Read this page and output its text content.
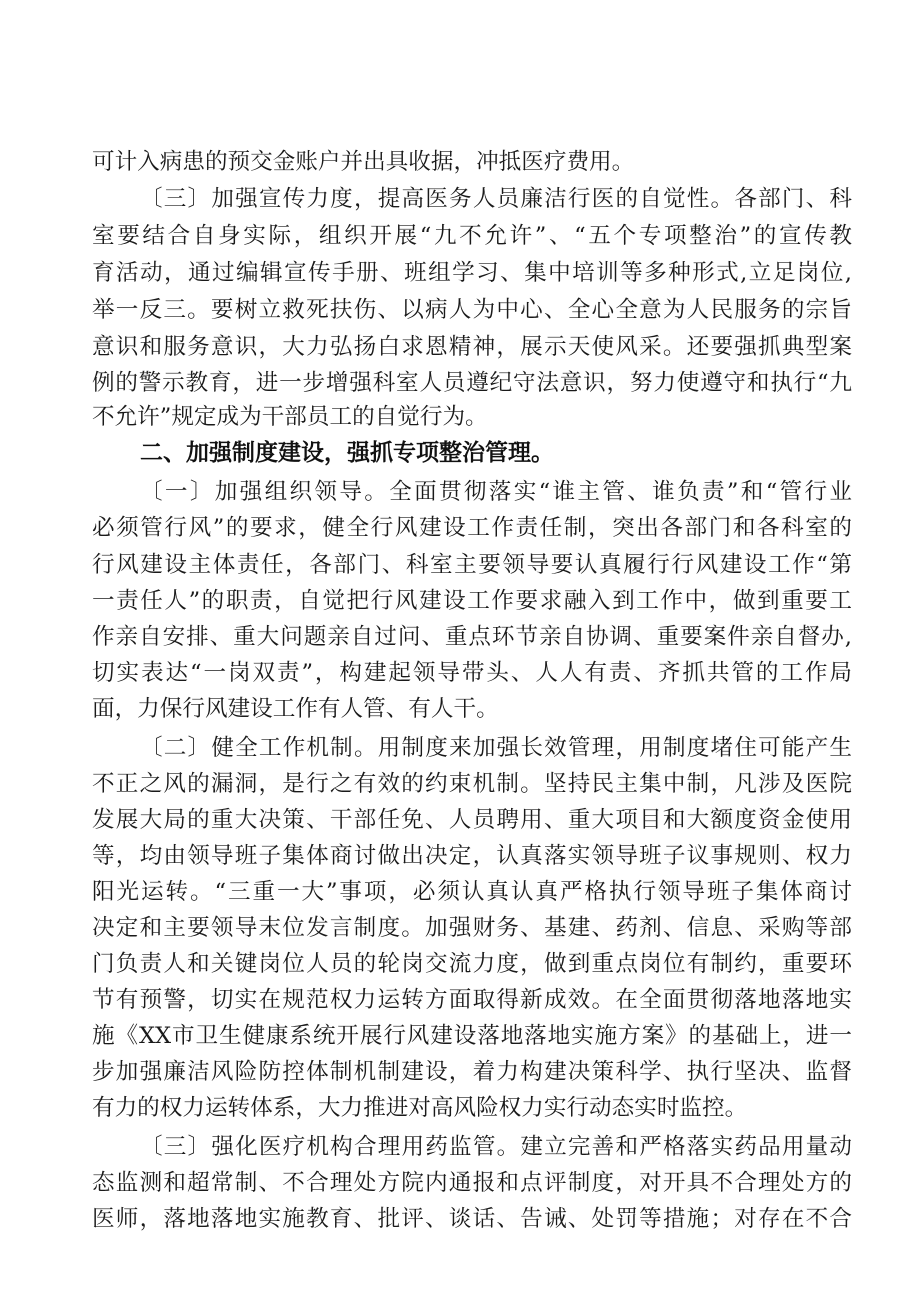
可计入病患的预交金账户并出具收据，冲抵医疗费用。
〔三〕加强宣传力度，提高医务人员廉洁行医的自觉性。各部门、科
室要结合自身实际，组织开展“九不允许”、“五个专项整治”的宣传教
育活动，通过编辑宣传手册、班组学习、集中培训等多种形式,立足岗位,
举一反三。要树立救死扶伤、以病人为中心、全心全意为人民服务的宗旨
意识和服务意识，大力弘扬白求恩精神，展示天使风采。还要强抓典型案
例的警示教育，进一步增强科室人员遵纪守法意识，努力使遵守和执行“九
不允许”规定成为干部员工的自觉行为。
二、加强制度建设，强抓专项整治管理。
〔一〕加强组织领导。全面贯彻落实“谁主管、谁负责”和“管行业
必须管行风”的要求，健全行风建设工作责任制，突出各部门和各科室的
行风建设主体责任，各部门、科室主要领导要认真履行行风建设工作“第
一责任人”的职责，自觉把行风建设工作要求融入到工作中，做到重要工
作亲自安排、重大问题亲自过问、重点环节亲自协调、重要案件亲自督办,
切实表达“一岗双责”，构建起领导带头、人人有责、齐抓共管的工作局
面，力保行风建设工作有人管、有人干。
〔二〕健全工作机制。用制度来加强长效管理，用制度堵住可能产生
不正之风的漏洞，是行之有效的约束机制。坚持民主集中制，凡涉及医院
发展大局的重大决策、干部任免、人员聘用、重大项目和大额度资金使用
等，均由领导班子集体商讨做出决定，认真落实领导班子议事规则、权力
阳光运转。“三重一大”事项，必须认真认真严格执行领导班子集体商讨
决定和主要领导末位发言制度。加强财务、基建、药剂、信息、采购等部
门负责人和关键岗位人员的轮岗交流力度，做到重点岗位有制约，重要环
节有预警，切实在规范权力运转方面取得新成效。在全面贯彻落地落地实
施《XX市卫生健康系统开展行风建设落地落地实施方案》的基础上，进一
步加强廉洁风险防控体制机制建设，着力构建决策科学、执行坚决、监督
有力的权力运转体系，大力推进对高风险权力实行动态实时监控。
〔三〕强化医疗机构合理用药监管。建立完善和严格落实药品用量动
态监测和超常制、不合理处方院内通报和点评制度，对开具不合理处方的
医师，落地落地实施教育、批评、谈话、告诫、处罚等措施；对存在不合
